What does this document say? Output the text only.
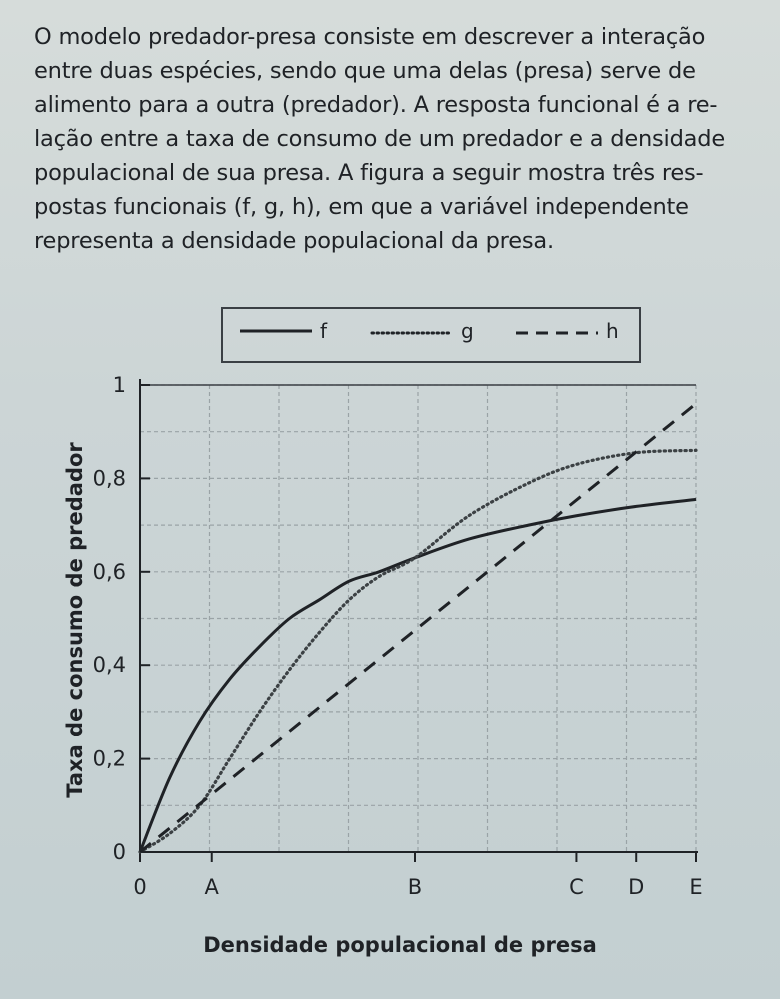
O modelo predador-presa consiste em descrever a interação
entre duas espécies, sendo que uma delas (presa) serve de
alimento para a outra (predador). A resposta funcional é a re-
lação entre a taxa de consumo de um predador e a densidade
populacional de sua presa. A figura a seguir mostra três res-
postas funcionais (f, g, h), em que a variável independente
representa a densidade populacional da presa.

f	g	h
0
0,2
0,4
0,6
0,8
1
0	A	B	C D E
Densidade populacional de presa
Taxa de consumo de predador
